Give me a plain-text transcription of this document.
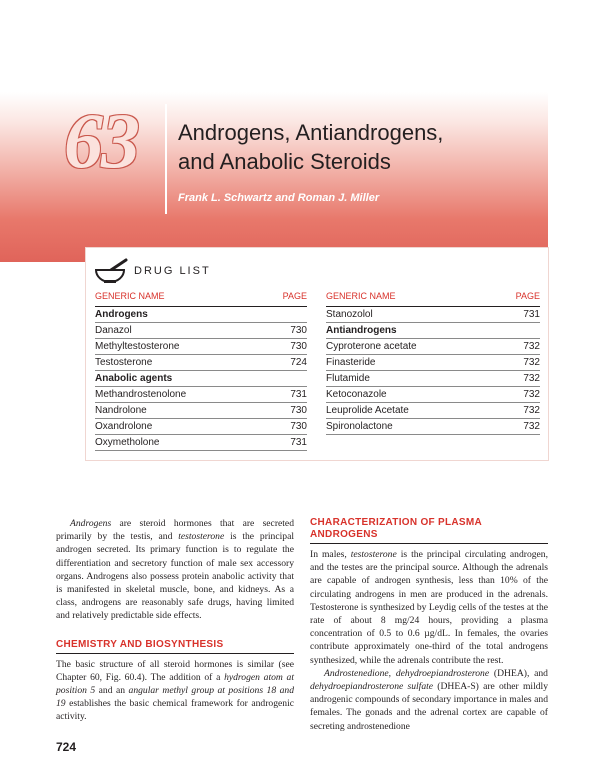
63 Androgens, Antiandrogens,
and Anabolic Steroids
Frank L. Schwartz and Roman J. Miller
DRUG LIST
GENERIC NAME	PAGE
Androgens
Danazol	730
Methyltestosterone	730
Testosterone	724
Anabolic agents
Methandrostenolone	731
Nandrolone	730
Oxandrolone	730
Oxymetholone	731
GENERIC NAME	PAGE
Stanozolol	731
Antiandrogens
Cyproterone acetate	732
Finasteride	732
Flutamide	732
Ketoconazole	732
Leuprolide Acetate	732
Spironolactone	732

Androgens are steroid hormones that are secreted primarily by the testis, and testosterone is the principal androgen secreted. Its primary function is to regulate the differentiation and secretory function of male sex accessory organs. Androgens also possess protein anabolic activity that is manifested in skeletal muscle, bone, and kidneys. As a class, androgens are reasonably safe drugs, having limited and relatively predictable side effects.

CHEMISTRY AND BIOSYNTHESIS

The basic structure of all steroid hormones is similar (see Chapter 60, Fig. 60.4). The addition of a hydrogen atom at position 5 and an angular methyl group at positions 18 and 19 establishes the basic chemical framework for androgenic activity.

CHARACTERIZATION OF PLASMA
ANDROGENS

In males, testosterone is the principal circulating androgen, and the testes are the principal source. Although the adrenals are capable of androgen synthesis, less than 10% of the circulating androgens in men are produced in the adrenals. Testosterone is synthesized by Leydig cells of the testes at the rate of about 8 mg/24 hours, providing a plasma concentration of 0.5 to 0.6 µg/dL. In females, the ovaries contribute approximately one-third of the total androgens synthesized, while the adrenals contribute the rest.

Androstenedione, dehydroepiandrosterone (DHEA), and dehydroepiandrosterone sulfate (DHEA-S) are other mildly androgenic compounds of secondary importance in males and females. The gonads and the adrenal cortex are capable of secreting androstenedione

724
